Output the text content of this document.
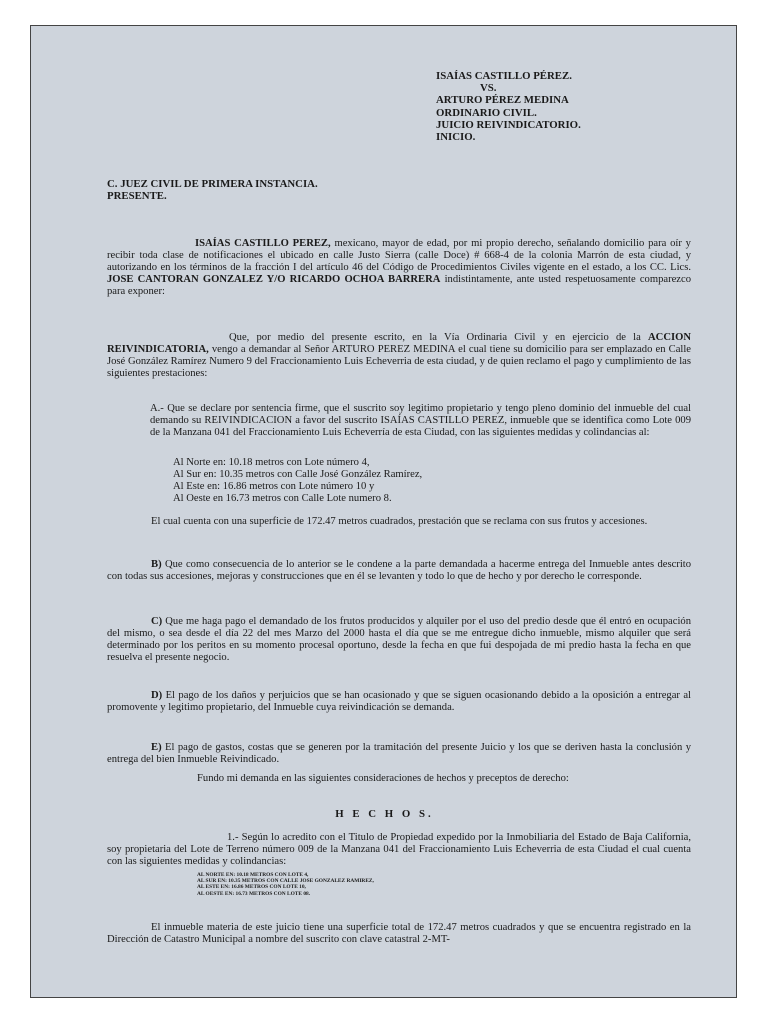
ISAÍAS CASTILLO PÉREZ.
VS.
ARTURO PÉREZ MEDINA
ORDINARIO CIVIL.
JUICIO REIVINDICATORIO.
INICIO.
C. JUEZ CIVIL DE PRIMERA INSTANCIA.
PRESENTE.

ISAÍAS CASTILLO PEREZ, mexicano, mayor de edad, por mi propio derecho, señalando domicilio para oír y recibir toda clase de notificaciones el ubicado en calle Justo Sierra (calle Doce) # 668-4 de la colonia Marrón de esta ciudad, y autorizando en los términos de la fracción I del artículo 46 del Código de Procedimientos Civiles vigente en el estado, a los CC. Lics. JOSE CANTORAN GONZALEZ Y/O RICARDO OCHOA BARRERA indistintamente, ante usted respetuosamente comparezco para exponer:

Que, por medio del presente escrito, en la Vía Ordinaria Civil y en ejercicio de la ACCION REIVINDICATORIA, vengo a demandar al Señor ARTURO PEREZ MEDINA el cual tiene su domicilio para ser emplazado en Calle José González Ramírez Numero 9 del Fraccionamiento Luis Echeverria de esta ciudad, y de quien reclamo el pago y cumplimiento de las siguientes prestaciones:

A.- Que se declare por sentencia firme, que el suscrito soy legitimo propietario y tengo pleno dominio del inmueble del cual demando su REIVINDICACION a favor del suscrito ISAÍAS CASTILLO PEREZ, inmueble que se identifica como Lote 009 de la Manzana 041 del Fraccionamiento Luis Echeverría de esta Ciudad, con las siguientes medidas y colindancias al:

Al Norte en: 10.18 metros con Lote número 4,
Al Sur en: 10.35 metros con Calle José González Ramírez,
Al Este en: 16.86 metros con Lote número 10 y
Al Oeste en 16.73 metros con Calle Lote numero 8.

El cual cuenta con una superficie de 172.47 metros cuadrados, prestación que se reclama con sus frutos y accesiones.

B) Que como consecuencia de lo anterior se le condene a la parte demandada a hacerme entrega del Inmueble antes descrito con todas sus accesiones, mejoras y construcciones que en él se levanten y todo lo que de hecho y por derecho le corresponde.

C) Que me haga pago el demandado de los frutos producidos y alquiler por el uso del predio desde que él entró en ocupación del mismo, o sea desde el día 22 del mes Marzo del 2000 hasta el día que se me entregue dicho inmueble, mismo alquiler que será determinado por los peritos en su momento procesal oportuno, desde la fecha en que fui despojada de mi predio hasta la fecha en que resuelva el presente negocio.

D) El pago de los daños y perjuicios que se han ocasionado y que se siguen ocasionando debido a la oposición a entregar al promovente y legitimo propietario, del Inmueble cuya reivindicación se demanda.

E) El pago de gastos, costas que se generen por la tramitación del presente Juicio y los que se deriven hasta la conclusión y entrega del bien Inmueble Reivindicado.

Fundo mi demanda en las siguientes consideraciones de hechos y preceptos de derecho:

H E C H O S.

1.- Según lo acredito con el Titulo de Propiedad expedido por la Inmobiliaria del Estado de Baja California, soy propietaria del Lote de Terreno número 009 de la Manzana 041 del Fraccionamiento Luis Echeverria de esta Ciudad el cual cuenta con las siguientes medidas y colindancias:

AL NORTE EN: 10.18 METROS CON LOTE 4,
AL SUR EN: 10.35 METROS CON CALLE JOSE GONZALEZ RAMIREZ,
AL ESTE EN: 16.86 METROS CON LOTE 10,
AL OESTE EN: 16.73 METROS CON LOTE 08.

El inmueble materia de este juicio tiene una superficie total de 172.47 metros cuadrados y que se encuentra registrado en la Dirección de Catastro Municipal a nombre del suscrito con clave catastral 2-MT-
